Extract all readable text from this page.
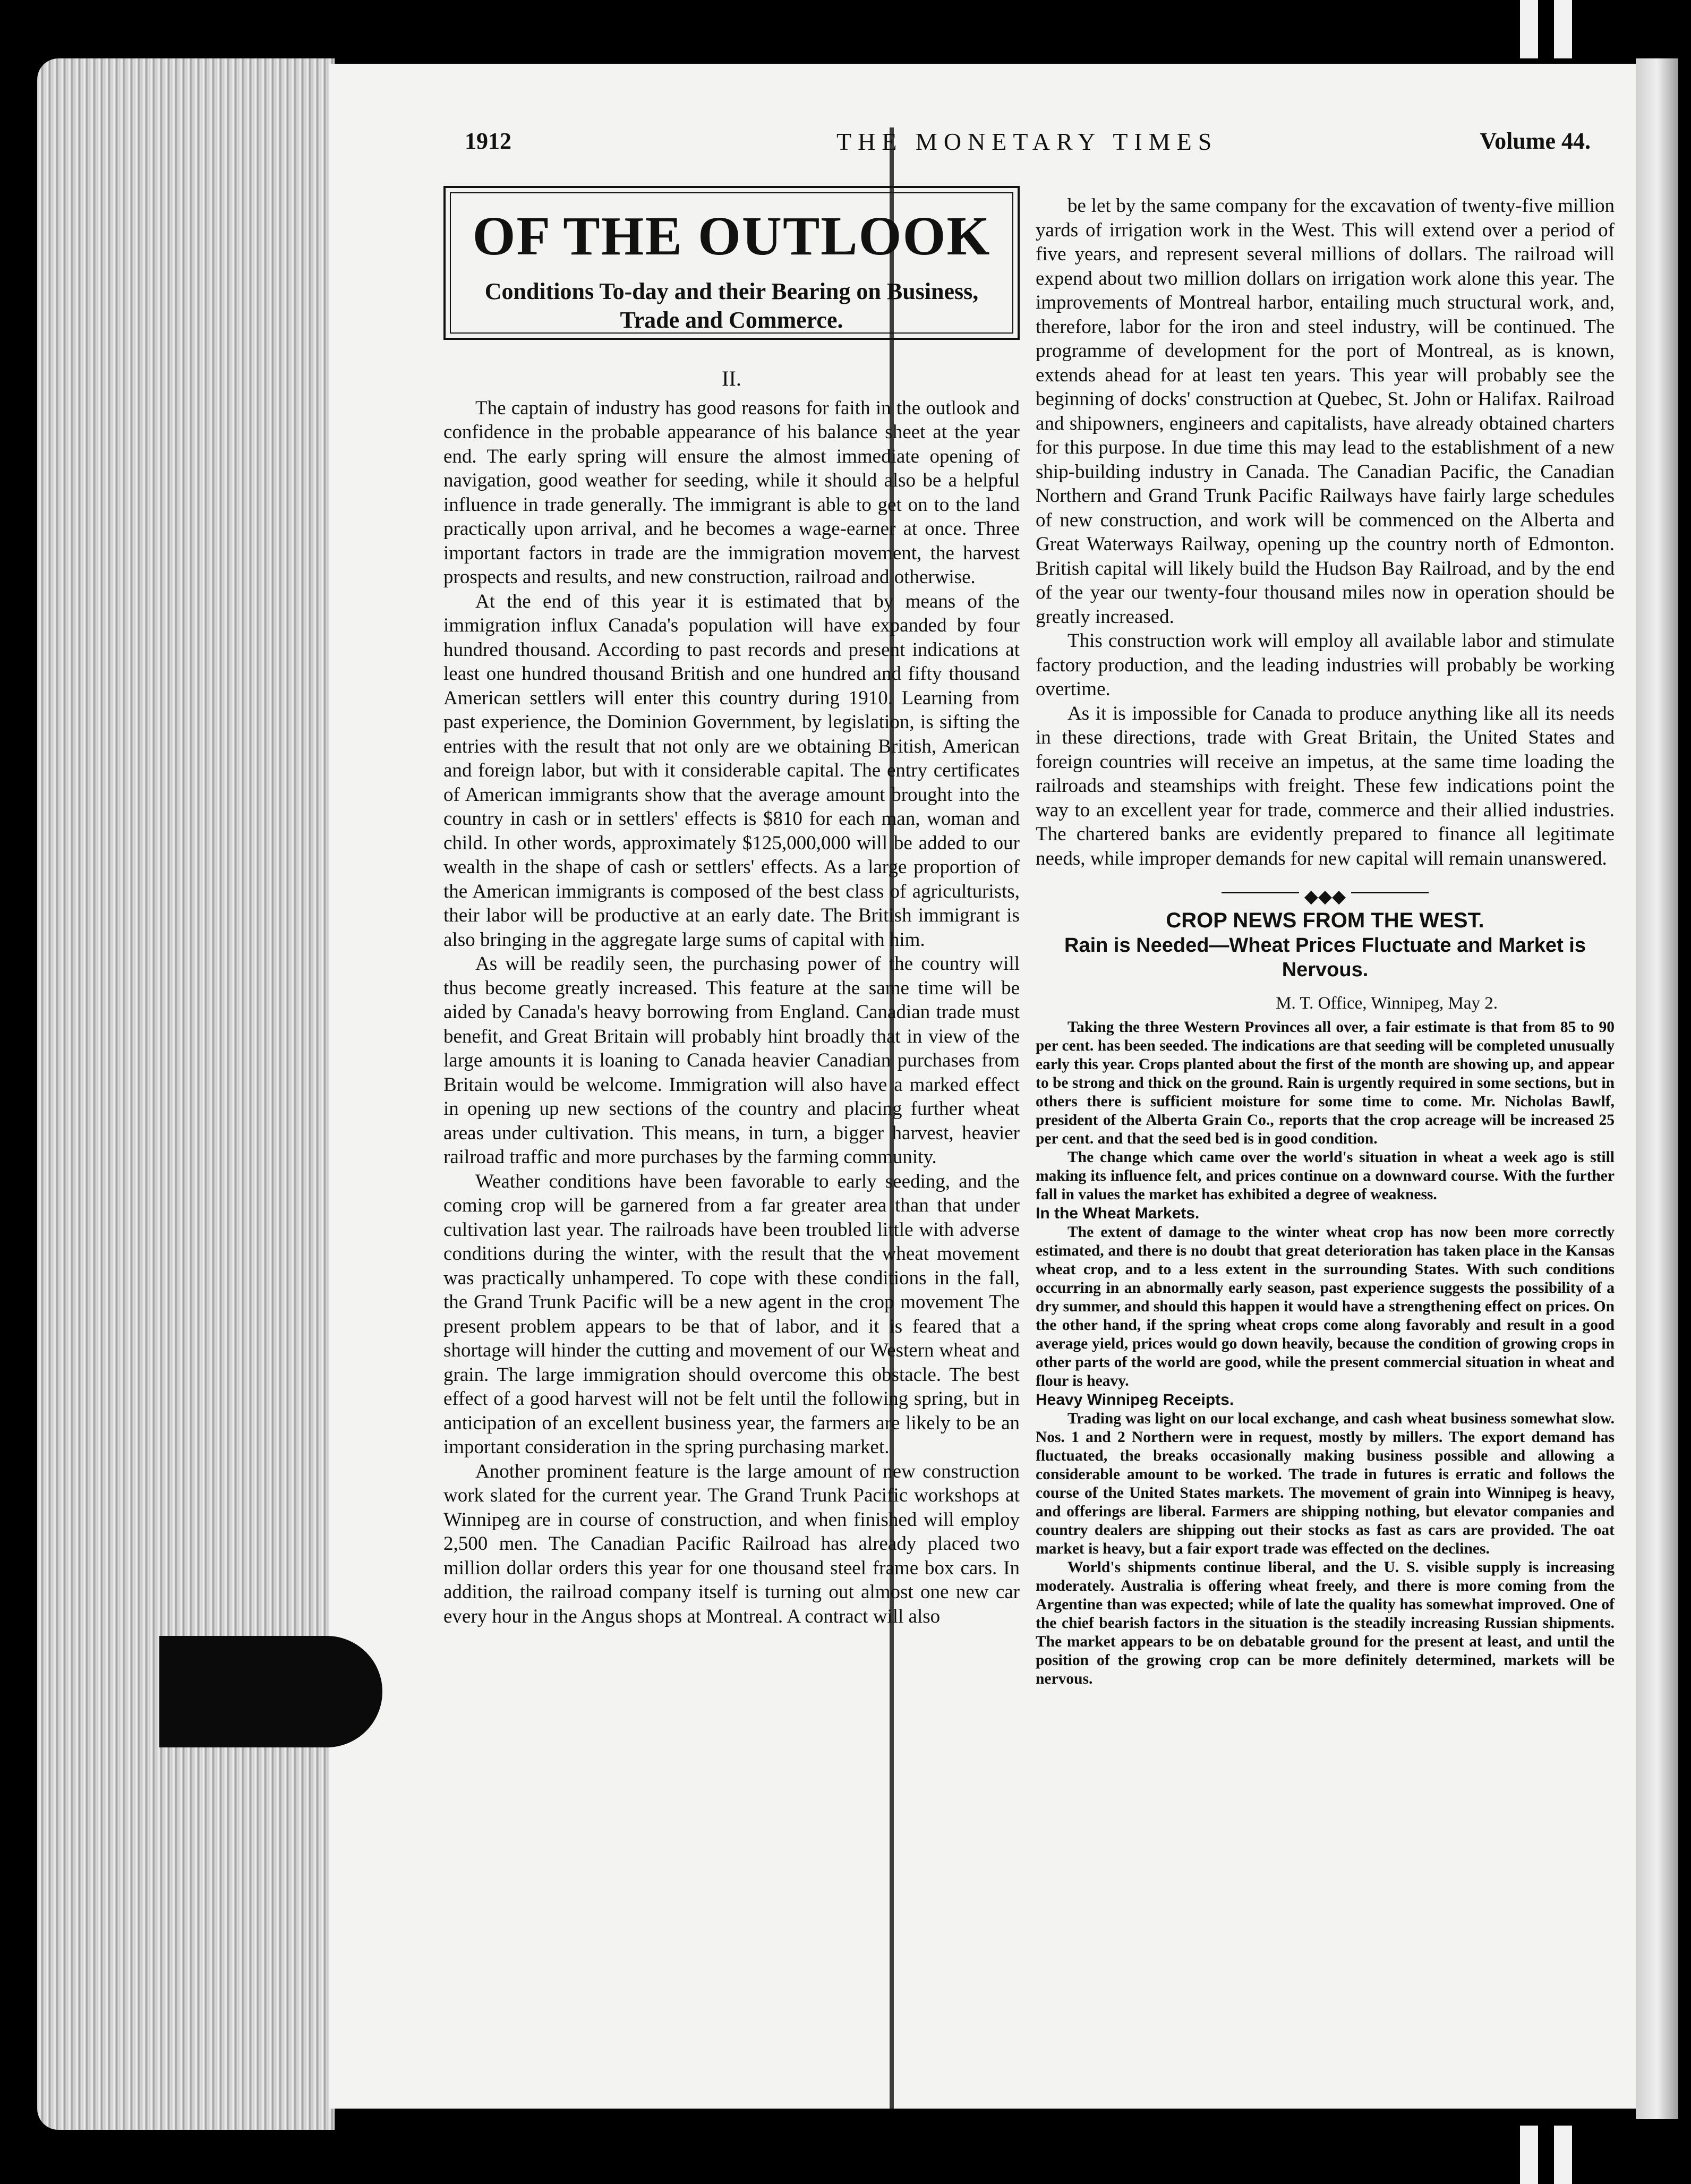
1912	THE MONETARY TIMES	Volume 44.
OF THE OUTLOOK
Conditions To-day and their Bearing on Business, Trade and Commerce.
II.

The captain of industry has good reasons for faith in the outlook and confidence in the probable appearance of his balance sheet at the year end. The early spring will ensure the almost immediate opening of navigation, good weather for seeding, while it should also be a helpful influence in trade generally. The immigrant is able to get on to the land practically upon arrival, and he becomes a wage-earner at once. Three important factors in trade are the immigration movement, the harvest prospects and results, and new construction, railroad and otherwise.

At the end of this year it is estimated that by means of the immigration influx Canada's population will have expanded by four hundred thousand. According to past records and present indications at least one hundred thousand British and one hundred and fifty thousand American settlers will enter this country during 1910. Learning from past experience, the Dominion Government, by legislation, is sifting the entries with the result that not only are we obtaining British, American and foreign labor, but with it considerable capital. The entry certificates of American immigrants show that the average amount brought into the country in cash or in settlers' effects is $810 for each man, woman and child. In other words, approximately $125,000,000 will be added to our wealth in the shape of cash or settlers' effects. As a large proportion of the American immigrants is composed of the best class of agriculturists, their labor will be productive at an early date. The British immigrant is also bringing in the aggregate large sums of capital with him.

As will be readily seen, the purchasing power of the country will thus become greatly increased. This feature at the same time will be aided by Canada's heavy borrowing from England. Canadian trade must benefit, and Great Britain will probably hint broadly that in view of the large amounts it is loaning to Canada heavier Canadian purchases from Britain would be welcome. Immigration will also have a marked effect in opening up new sections of the country and placing further wheat areas under cultivation. This means, in turn, a bigger harvest, heavier railroad traffic and more purchases by the farming community.

Weather conditions have been favorable to early seeding, and the coming crop will be garnered from a far greater area than that under cultivation last year. The railroads have been troubled little with adverse conditions during the winter, with the result that the wheat movement was practically unhampered. To cope with these conditions in the fall, the Grand Trunk Pacific will be a new agent in the crop movement The present problem appears to be that of labor, and it is feared that a shortage will hinder the cutting and movement of our Western wheat and grain. The large immigration should overcome this obstacle. The best effect of a good harvest will not be felt until the following spring, but in anticipation of an excellent business year, the farmers are likely to be an important consideration in the spring purchasing market.

Another prominent feature is the large amount of new construction work slated for the current year. The Grand Trunk Pacific workshops at Winnipeg are in course of construction, and when finished will employ 2,500 men. The Canadian Pacific Railroad has already placed two million dollar orders this year for one thousand steel frame box cars. In addition, the railroad company itself is turning out almost one new car every hour in the Angus shops at Montreal. A contract will also

be let by the same company for the excavation of twenty-five million yards of irrigation work in the West. This will extend over a period of five years, and represent several millions of dollars. The railroad will expend about two million dollars on irrigation work alone this year. The improvements of Montreal harbor, entailing much structural work, and, therefore, labor for the iron and steel industry, will be continued. The programme of development for the port of Montreal, as is known, extends ahead for at least ten years. This year will probably see the beginning of docks' construction at Quebec, St. John or Halifax. Railroad and shipowners, engineers and capitalists, have already obtained charters for this purpose. In due time this may lead to the establishment of a new ship-building industry in Canada. The Canadian Pacific, the Canadian Northern and Grand Trunk Pacific Railways have fairly large schedules of new construction, and work will be commenced on the Alberta and Great Waterways Railway, opening up the country north of Edmonton. British capital will likely build the Hudson Bay Railroad, and by the end of the year our twenty-four thousand miles now in operation should be greatly increased.

This construction work will employ all available labor and stimulate factory production, and the leading industries will probably be working overtime.

As it is impossible for Canada to produce anything like all its needs in these directions, trade with Great Britain, the United States and foreign countries will receive an impetus, at the same time loading the railroads and steamships with freight. These few indications point the way to an excellent year for trade, commerce and their allied industries. The chartered banks are evidently prepared to finance all legitimate needs, while improper demands for new capital will remain unanswered.

◆◆◆
CROP NEWS FROM THE WEST.
Rain is Needed—Wheat Prices Fluctuate and Market is Nervous.
M. T. Office, Winnipeg, May 2.

Taking the three Western Provinces all over, a fair estimate is that from 85 to 90 per cent. has been seeded. The indications are that seeding will be completed unusually early this year. Crops planted about the first of the month are showing up, and appear to be strong and thick on the ground. Rain is urgently required in some sections, but in others there is sufficient moisture for some time to come. Mr. Nicholas Bawlf, president of the Alberta Grain Co., reports that the crop acreage will be increased 25 per cent. and that the seed bed is in good condition.

The change which came over the world's situation in wheat a week ago is still making its influence felt, and prices continue on a downward course. With the further fall in values the market has exhibited a degree of weakness.

In the Wheat Markets.

The extent of damage to the winter wheat crop has now been more correctly estimated, and there is no doubt that great deterioration has taken place in the Kansas wheat crop, and to a less extent in the surrounding States. With such conditions occurring in an abnormally early season, past experience suggests the possibility of a dry summer, and should this happen it would have a strengthening effect on prices. On the other hand, if the spring wheat crops come along favorably and result in a good average yield, prices would go down heavily, because the condition of growing crops in other parts of the world are good, while the present commercial situation in wheat and flour is heavy.

Heavy Winnipeg Receipts.

Trading was light on our local exchange, and cash wheat business somewhat slow. Nos. 1 and 2 Northern were in request, mostly by millers. The export demand has fluctuated, the breaks occasionally making business possible and allowing a considerable amount to be worked. The trade in futures is erratic and follows the course of the United States markets. The movement of grain into Winnipeg is heavy, and offerings are liberal. Farmers are shipping nothing, but elevator companies and country dealers are shipping out their stocks as fast as cars are provided. The oat market is heavy, but a fair export trade was effected on the declines.

World's shipments continue liberal, and the U. S. visible supply is increasing moderately. Australia is offering wheat freely, and there is more coming from the Argentine than was expected; while of late the quality has somewhat improved. One of the chief bearish factors in the situation is the steadily increasing Russian shipments. The market appears to be on debatable ground for the present at least, and until the position of the growing crop can be more definitely determined, markets will be nervous.
